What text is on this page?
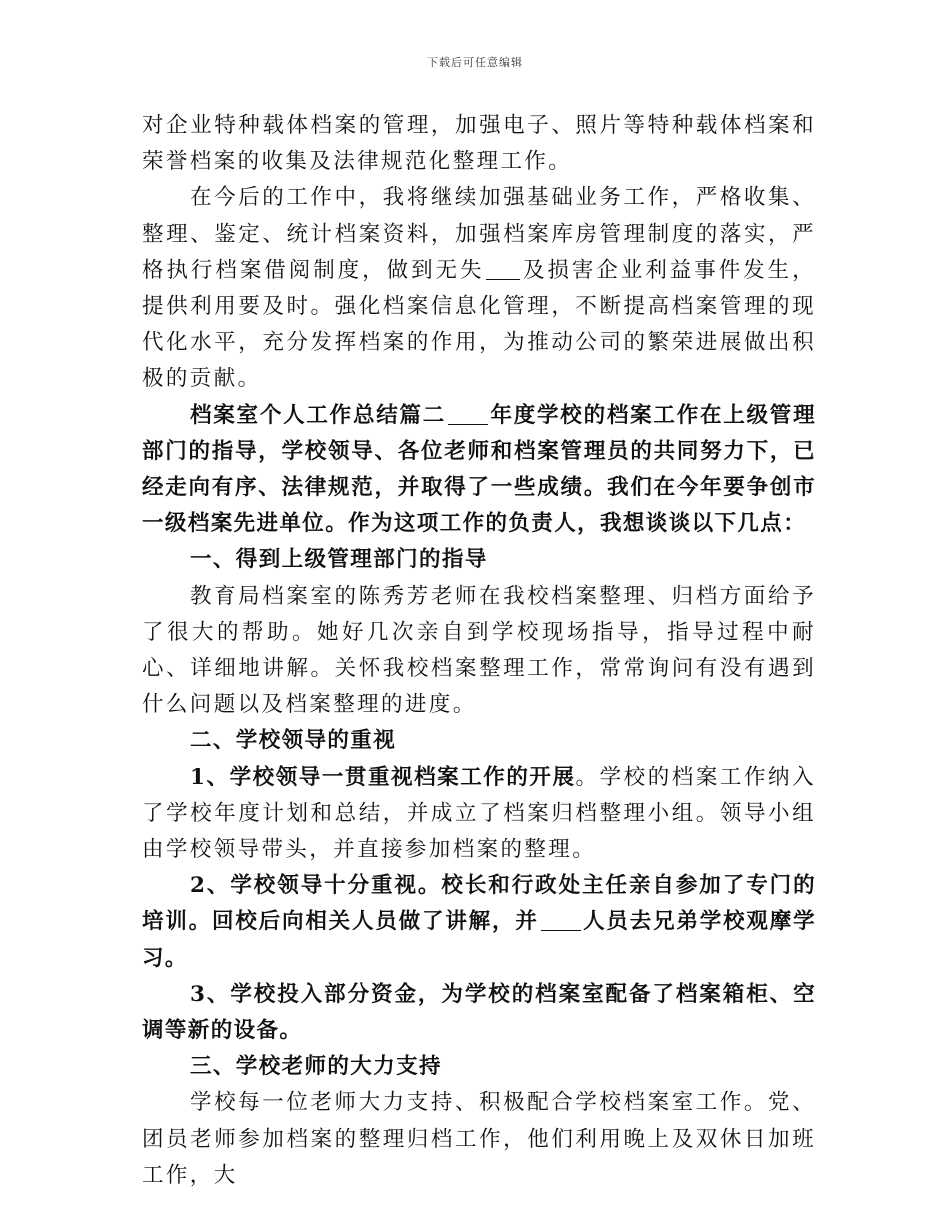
下载后可任意编辑

对企业特种载体档案的管理，加强电子、照片等特种载体档案和荣誉档案的收集及法律规范化整理工作。

在今后的工作中，我将继续加强基础业务工作，严格收集、整理、鉴定、统计档案资料，加强档案库房管理制度的落实，严格执行档案借阅制度，做到无失 及损害企业利益事件发生，提供利用要及时。强化档案信息化管理，不断提高档案管理的现代化水平，充分发挥档案的作用，为推动公司的繁荣进展做出积极的贡献。

档案室个人工作总结篇二 年度学校的档案工作在上级管理部门的指导，学校领导、各位老师和档案管理员的共同努力下，已经走向有序、法律规范，并取得了一些成绩。我们在今年要争创市一级档案先进单位。作为这项工作的负责人，我想谈谈以下几点：

一、得到上级管理部门的指导

教育局档案室的陈秀芳老师在我校档案整理、归档方面给予了很大的帮助。她好几次亲自到学校现场指导，指导过程中耐心、详细地讲解。关怀我校档案整理工作，常常询问有没有遇到什么问题以及档案整理的进度。

二、学校领导的重视

1、学校领导一贯重视档案工作的开展。学校的档案工作纳入了学校年度计划和总结，并成立了档案归档整理小组。领导小组由学校领导带头，并直接参加档案的整理。

2、学校领导十分重视。校长和行政处主任亲自参加了专门的培训。回校后向相关人员做了讲解，并 人员去兄弟学校观摩学习。

3、学校投入部分资金，为学校的档案室配备了档案箱柜、空调等新的设备。

三、学校老师的大力支持

学校每一位老师大力支持、积极配合学校档案室工作。党、团员老师参加档案的整理归档工作，他们利用晚上及双休日加班工作，大
